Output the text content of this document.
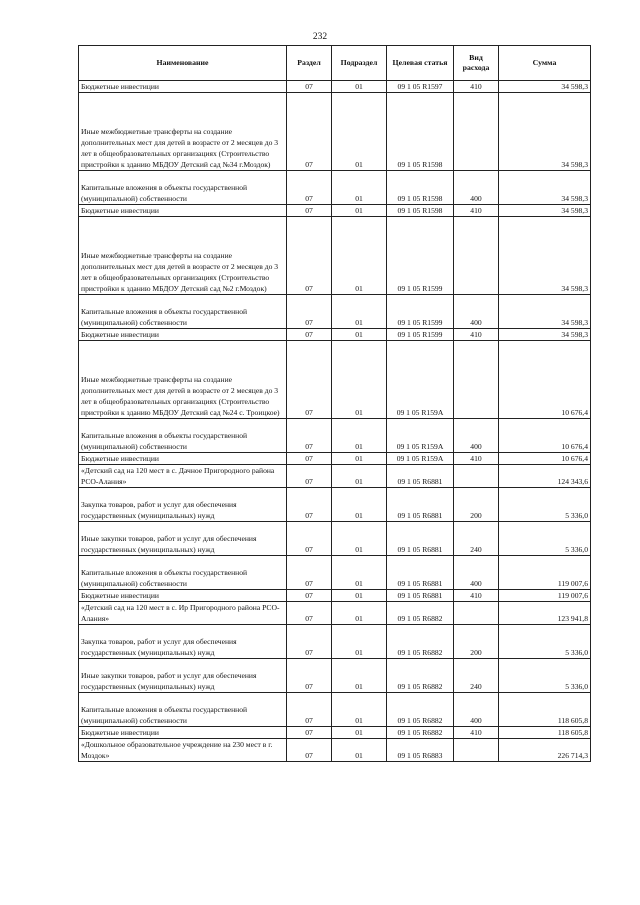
232
Наименование	Раздел	Подраздел	Целевая статья	Вид расхода	Сумма
Бюджетные инвестиции	07	01	09 1 05 R1597	410	34 598,3
Иные межбюджетные трансферты на создание дополнительных мест для детей в возрасте от 2 месяцев до 3 лет в общеобразовательных организациях (Строительство пристройки к зданию МБДОУ Детский сад №34 г.Моздок)	07	01	09 1 05 R1598		34 598,3
Капитальные вложения в объекты государственной (муниципальной) собственности	07	01	09 1 05 R1598	400	34 598,3
Бюджетные инвестиции	07	01	09 1 05 R1598	410	34 598,3
Иные межбюджетные трансферты на создание дополнительных мест для детей в возрасте от 2 месяцев до 3 лет в общеобразовательных организациях (Строительство пристройки к зданию МБДОУ Детский сад №2 г.Моздок)	07	01	09 1 05 R1599		34 598,3
Капитальные вложения в объекты государственной (муниципальной) собственности	07	01	09 1 05 R1599	400	34 598,3
Бюджетные инвестиции	07	01	09 1 05 R1599	410	34 598,3
Иные межбюджетные трансферты на создание дополнительных мест для детей в возрасте от 2 месяцев до 3 лет в общеобразовательных организациях (Строительство пристройки к зданию МБДОУ Детский сад №24 с. Троицкое)	07	01	09 1 05 R159A		10 676,4
Капитальные вложения в объекты государственной (муниципальной) собственности	07	01	09 1 05 R159A	400	10 676,4
Бюджетные инвестиции	07	01	09 1 05 R159A	410	10 676,4
«Детский сад на 120 мест в с. Дачное Пригородного района РСО-Алания»	07	01	09 1 05 R6881		124 343,6
Закупка товаров, работ и услуг для обеспечения государственных (муниципальных) нужд	07	01	09 1 05 R6881	200	5 336,0
Иные закупки товаров, работ и услуг для обеспечения государственных (муниципальных) нужд	07	01	09 1 05 R6881	240	5 336,0
Капитальные вложения в объекты государственной (муниципальной) собственности	07	01	09 1 05 R6881	400	119 007,6
Бюджетные инвестиции	07	01	09 1 05 R6881	410	119 007,6
«Детский сад на 120 мест в с. Ир Пригородного района РСО-Алания»	07	01	09 1 05 R6882		123 941,8
Закупка товаров, работ и услуг для обеспечения государственных (муниципальных) нужд	07	01	09 1 05 R6882	200	5 336,0
Иные закупки товаров, работ и услуг для обеспечения государственных (муниципальных) нужд	07	01	09 1 05 R6882	240	5 336,0
Капитальные вложения в объекты государственной (муниципальной) собственности	07	01	09 1 05 R6882	400	118 605,8
Бюджетные инвестиции	07	01	09 1 05 R6882	410	118 605,8
«Дошкольное образовательное учреждение на 230 мест в г. Моздок»	07	01	09 1 05 R6883		226 714,3
